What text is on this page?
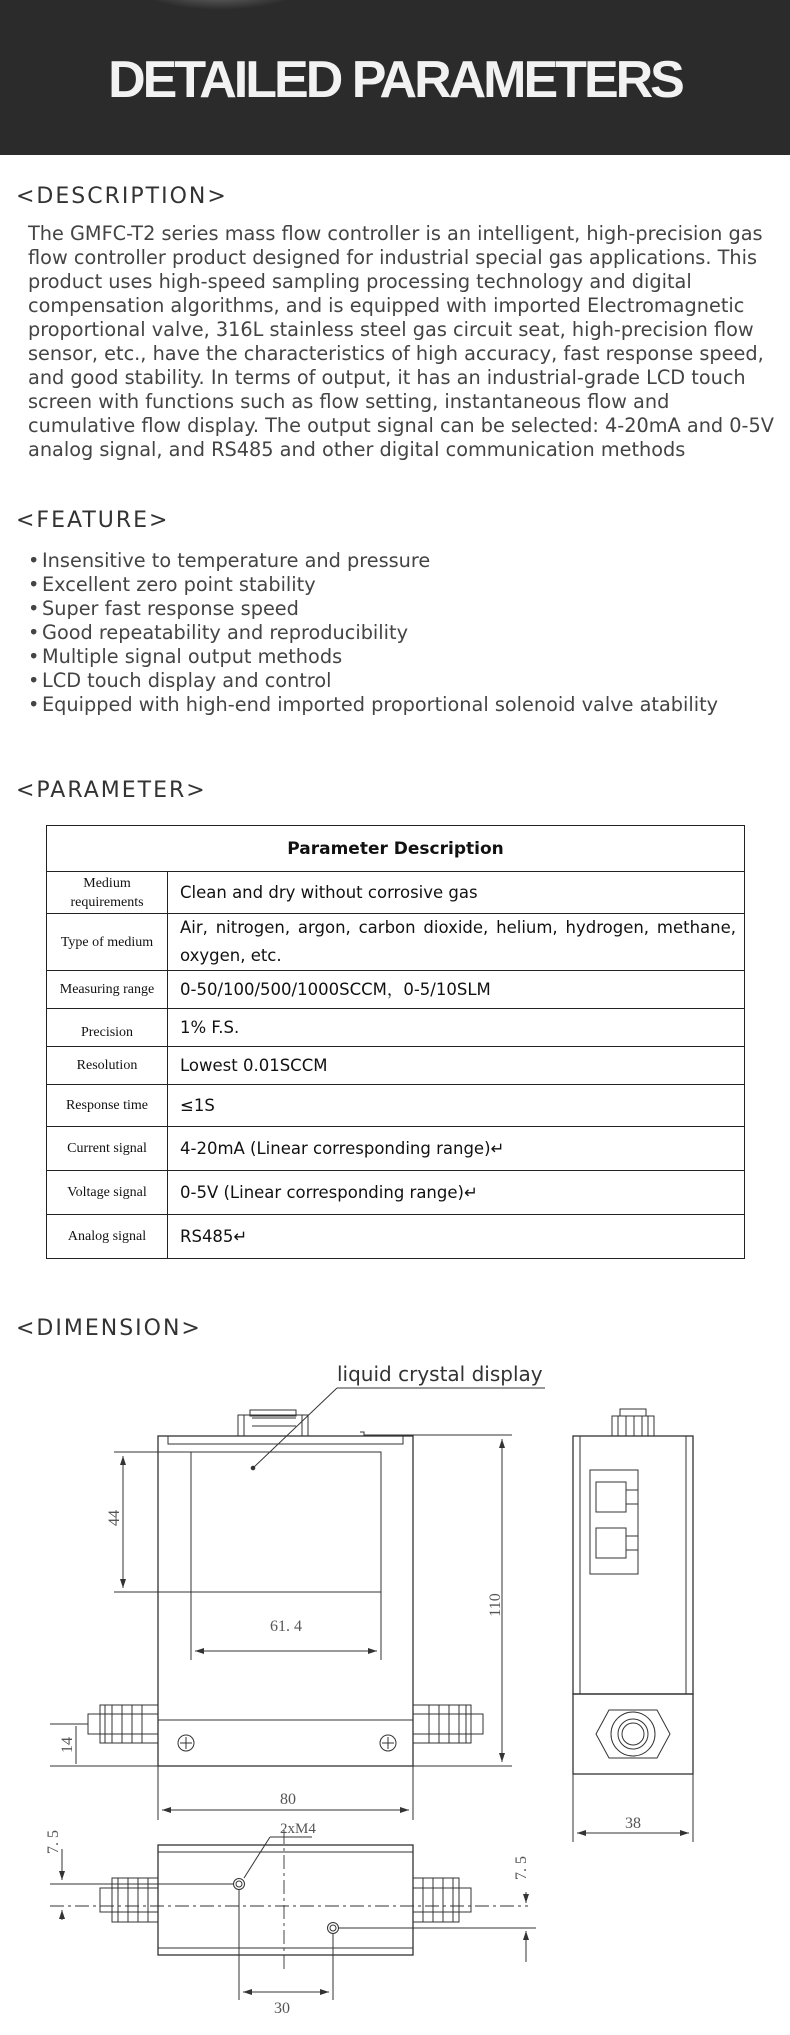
DETAILED PARAMETERS
<DESCRIPTION>

The GMFC-T2 series mass flow controller is an intelligent, high-precision gas flow controller product designed for industrial special gas applications. This product uses high-speed sampling processing technology and digital compensation algorithms, and is equipped with imported Electromagnetic proportional valve, 316L stainless steel gas circuit seat, high-precision flow sensor, etc., have the characteristics of high accuracy, fast response speed, and good stability. In terms of output, it has an industrial-grade LCD touch screen with functions such as flow setting, instantaneous flow and cumulative flow display. The output signal can be selected: 4-20mA and 0-5V analog signal, and RS485 and other digital communication methods

<FEATURE>
• Insensitive to temperature and pressure
• Excellent zero point stability
• Super fast response speed
• Good repeatability and reproducibility
• Multiple signal output methods
• LCD touch display and control
• Equipped with high-end imported proportional solenoid valve atability
<PARAMETER>
Parameter Description	
Medium requirements	Clean and dry without corrosive gas
Type of medium	Air, nitrogen, argon, carbon dioxide, helium, hydrogen, methane, oxygen, etc.
Measuring range	0-50/100/500/1000SCCM，0-5/10SLM
Precision	1% F.S.
Resolution	Lowest 0.01SCCM
Response time	≤1S
Current signal	4-20mA (Linear corresponding range)↵
Voltage signal	0-5V (Linear corresponding range)↵
Analog signal	RS485↵
<DIMENSION>
liquid crystal display
44
61. 4
110
14
80
38
2xM4
7. 5
7. 5
30
